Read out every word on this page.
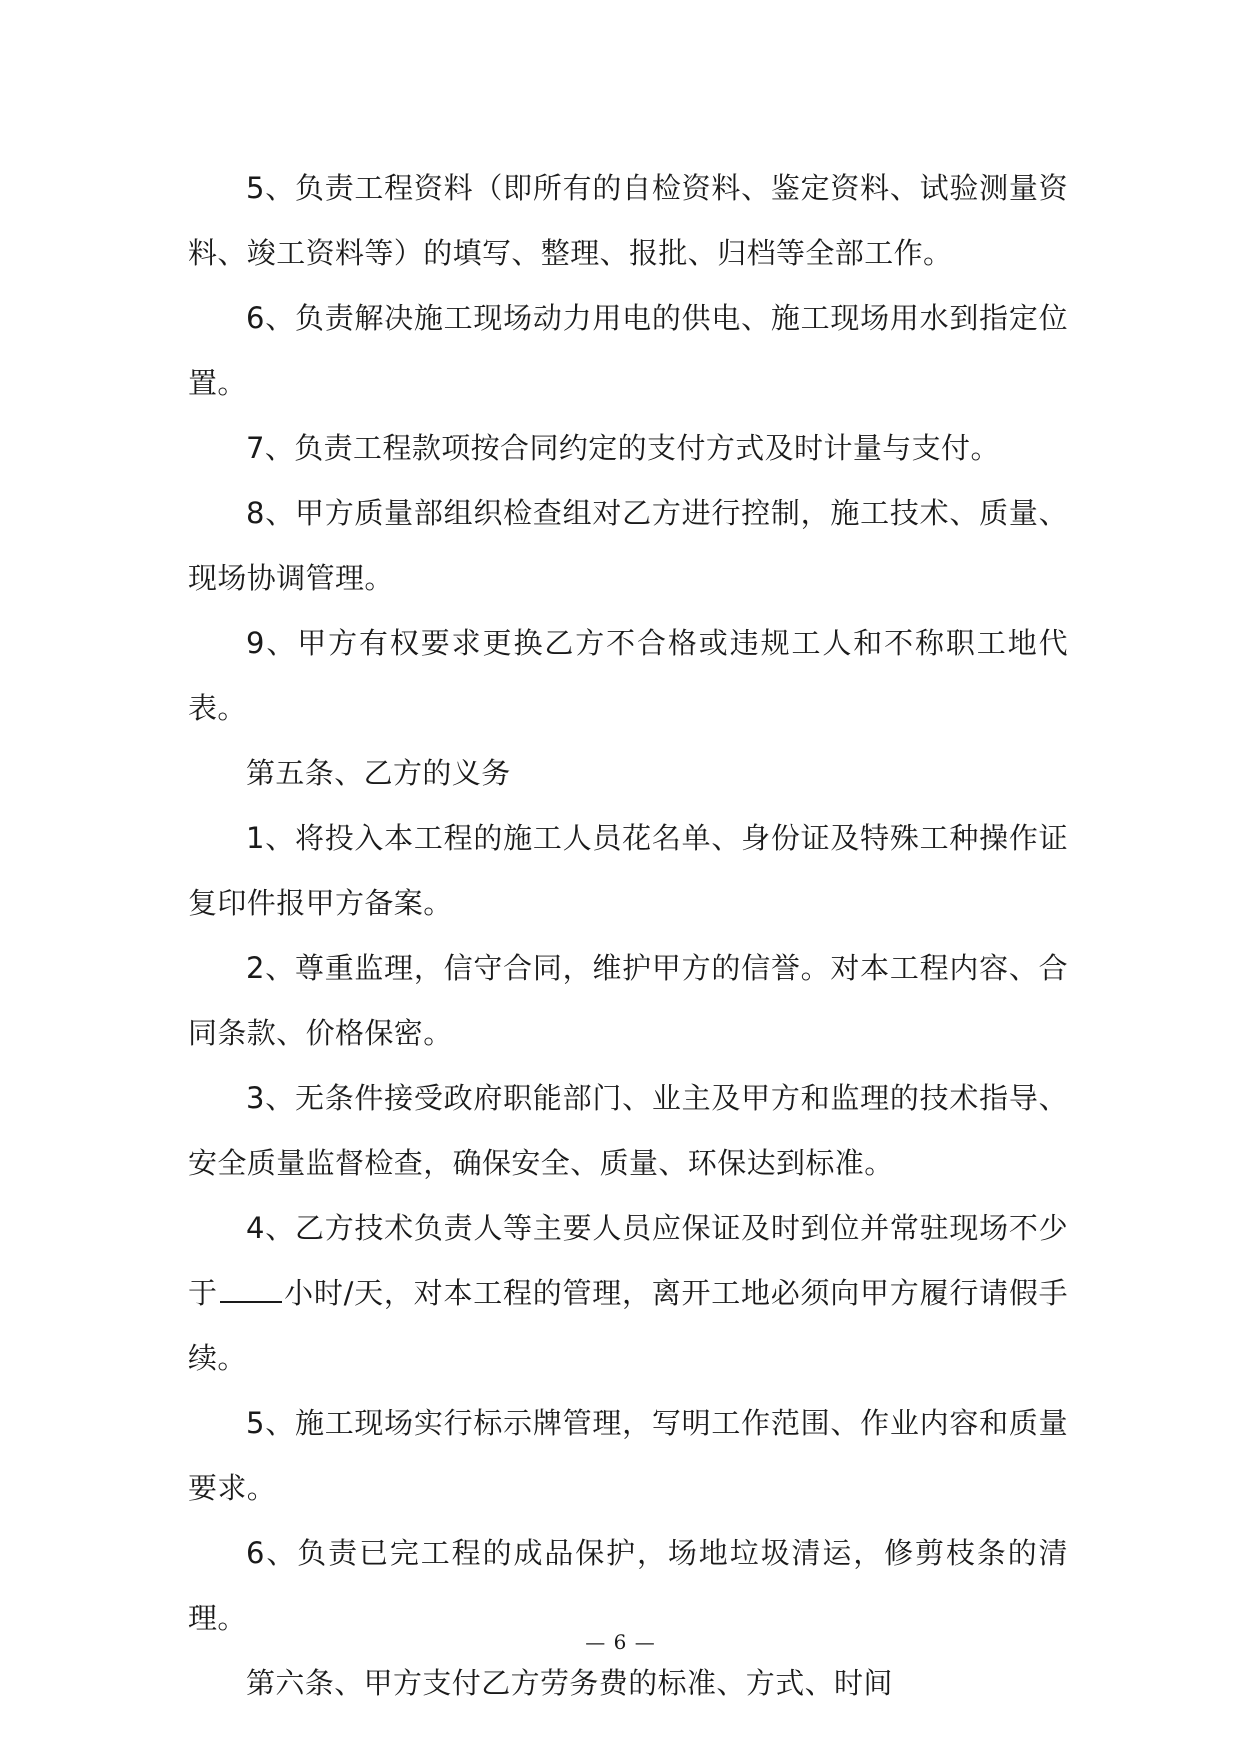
5、负责工程资料（即所有的自检资料、鉴定资料、试验测量资料、竣工资料等）的填写、整理、报批、归档等全部工作。

6、负责解决施工现场动力用电的供电、施工现场用水到指定位置。

7、负责工程款项按合同约定的支付方式及时计量与支付。

8、甲方质量部组织检查组对乙方进行控制，施工技术、质量、现场协调管理。

9、甲方有权要求更换乙方不合格或违规工人和不称职工地代表。

第五条、乙方的义务

1、将投入本工程的施工人员花名单、身份证及特殊工种操作证复印件报甲方备案。

2、尊重监理，信守合同，维护甲方的信誉。对本工程内容、合同条款、价格保密。

3、无条件接受政府职能部门、业主及甲方和监理的技术指导、安全质量监督检查，确保安全、质量、环保达到标准。

4、乙方技术负责人等主要人员应保证及时到位并常驻现场不少于 小时/天，对本工程的管理，离开工地必须向甲方履行请假手续。

5、施工现场实行标示牌管理，写明工作范围、作业内容和质量要求。

6、负责已完工程的成品保护，场地垃圾清运，修剪枝条的清理。

第六条、甲方支付乙方劳务费的标准、方式、时间

— 6 —
